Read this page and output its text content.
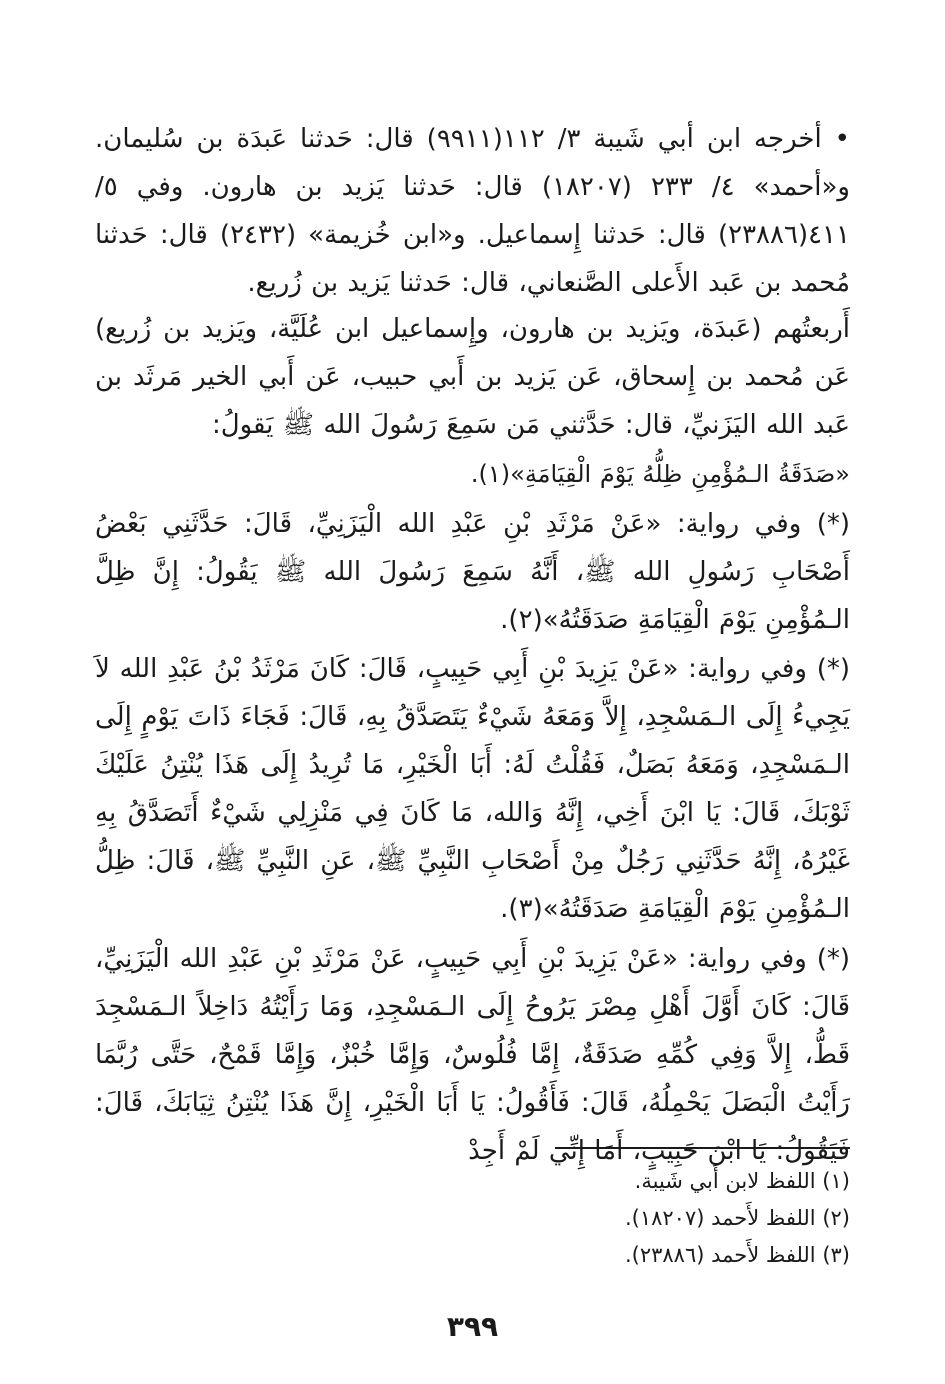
• أخرجه ابن أبي شَيبة ٣/ ١١٢(٩٩١١) قال: حَدثنا عَبدَة بن سُليمان. و«أحمد» ٤/ ٢٣٣ (١٨٢٠٧) قال: حَدثنا يَزيد بن هارون. وفي ٥/ ٤١١(٢٣٨٨٦) قال: حَدثنا إِسماعيل. و«ابن خُزيمة» (٢٤٣٢) قال: حَدثنا مُحمد بن عَبد الأَعلى الصَّنعاني، قال: حَدثنا يَزيد بن زُريع.
أَربعتُهم (عَبدَة، ويَزيد بن هارون، وإِسماعيل ابن عُلَيَّة، ويَزيد بن زُريع) عَن مُحمد بن إِسحاق، عَن يَزيد بن أَبي حبيب، عَن أَبي الخير مَرثَد بن عَبد الله اليَزَنيِّ، قال: حَدَّثني مَن سَمِعَ رَسُولَ الله ﷺ يَقولُ:
«صَدَقَةُ الـمُؤْمِنِ ظِلُّهُ يَوْمَ الْقِيَامَةِ»(١).
(*) وفي رواية: «عَنْ مَرْثَدِ بْنِ عَبْدِ الله الْيَزَنِيِّ، قَالَ: حَدَّثَنِي بَعْضُ أَصْحَابِ رَسُولِ الله ﷺ، أَنَّهُ سَمِعَ رَسُولَ الله ﷺ يَقُولُ: إِنَّ ظِلَّ الـمُؤْمِنِ يَوْمَ الْقِيَامَةِ صَدَقَتُهُ»(٢).
(*) وفي رواية: «عَنْ يَزِيدَ بْنِ أَبِي حَبِيبٍ، قَالَ: كَانَ مَرْثَدُ بْنُ عَبْدِ الله لاَ يَجِيءُ إِلَى الـمَسْجِدِ، إِلاَّ وَمَعَهُ شَيْءٌ يَتَصَدَّقُ بِهِ، قَالَ: فَجَاءَ ذَاتَ يَوْمٍ إِلَى الـمَسْجِدِ، وَمَعَهُ بَصَلٌ، فَقُلْتُ لَهُ: أَبَا الْخَيْرِ، مَا تُرِيدُ إِلَى هَذَا يُنْتِنُ عَلَيْكَ ثَوْبَكَ، قَالَ: يَا ابْنَ أَخِي، إِنَّهُ وَالله، مَا كَانَ فِي مَنْزِلِي شَيْءٌ أَتَصَدَّقُ بِهِ غَيْرُهُ، إِنَّهُ حَدَّثَنِي رَجُلٌ مِنْ أَصْحَابِ النَّبِيِّ ﷺ، عَنِ النَّبِيِّ ﷺ، قَالَ: ظِلُّ الـمُؤْمِنِ يَوْمَ الْقِيَامَةِ صَدَقَتُهُ»(٣).
(*) وفي رواية: «عَنْ يَزِيدَ بْنِ أَبِي حَبِيبٍ، عَنْ مَرْثَدِ بْنِ عَبْدِ الله الْيَزَنِيِّ، قَالَ: كَانَ أَوَّلَ أَهْلِ مِصْرَ يَرُوحُ إِلَى الـمَسْجِدِ، وَمَا رَأَيْتُهُ دَاخِلاً الـمَسْجِدَ قَطُّ، إِلاَّ وَفِي كُمِّهِ صَدَقَةٌ، إِمَّا فُلُوسٌ، وَإِمَّا خُبْزٌ، وَإِمَّا قَمْحٌ، حَتَّى رُبَّمَا رَأَيْتُ الْبَصَلَ يَحْمِلُهُ، قَالَ: فَأَقُولُ: يَا أَبَا الْخَيْرِ، إِنَّ هَذَا يُنْتِنُ ثِيَابَكَ، قَالَ: فَيَقُولُ: يَا ابْنَ حَبِيبٍ، أَمَا إِنِّي لَمْ أَجِدْ
(١) اللفظ لابن أَبي شَيبة.
(٢) اللفظ لأَحمد (١٨٢٠٧).
(٣) اللفظ لأَحمد (٢٣٨٨٦).
٣٩٩
